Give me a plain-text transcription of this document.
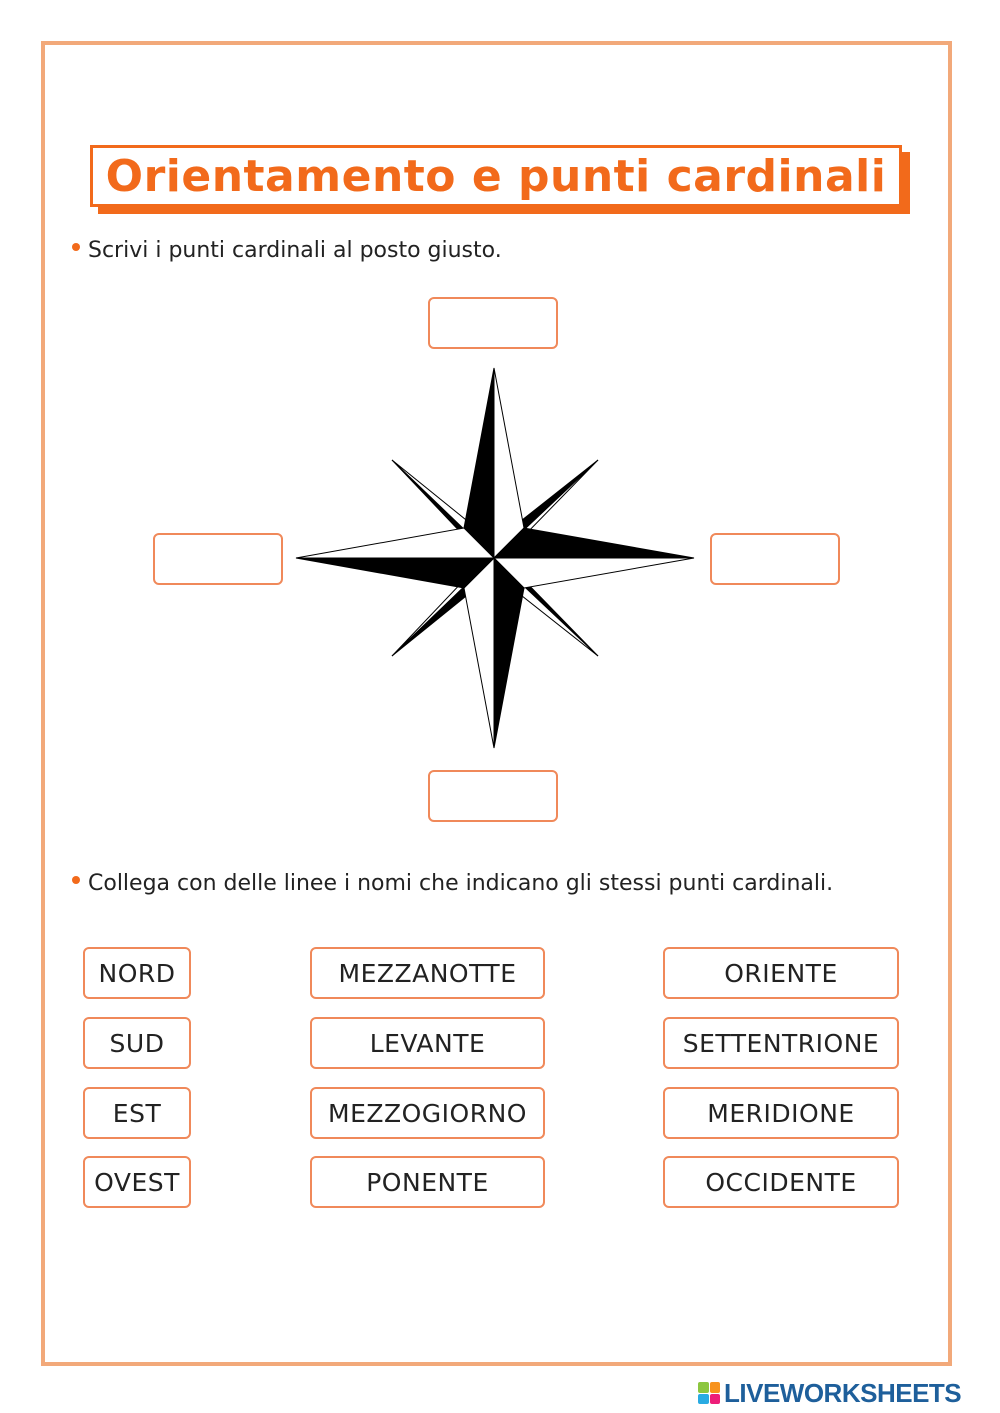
Orientamento e punti cardinali
Scrivi i punti cardinali al posto giusto.
Collega con delle linee i nomi che indicano gli stessi punti cardinali.
NORD
SUD
EST
OVEST
MEZZANOTTE
LEVANTE
MEZZOGIORNO
PONENTE
ORIENTE
SETTENTRIONE
MERIDIONE
OCCIDENTE
LIVEWORKSHEETS
